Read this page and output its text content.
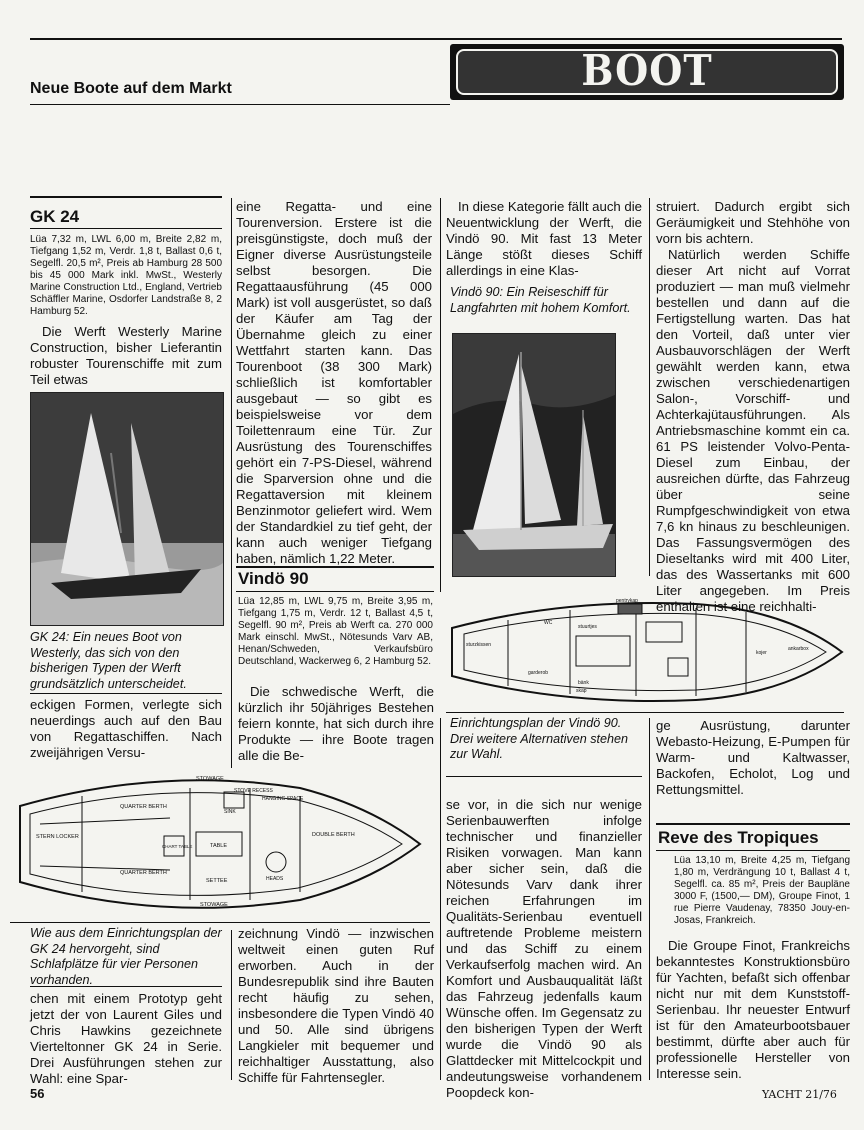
Neue Boote auf dem Markt	BOOT GESICHTET
GK 24
Lüa 7,32 m, LWL 6,00 m, Breite 2,82 m, Tiefgang 1,52 m, Verdr. 1,8 t, Ballast 0,6 t, Segelfl. 20,5 m², Preis ab Hamburg 28 500 bis 45 000 Mark inkl. MwSt., Westerly Marine Construction Ltd., England, Vertrieb Schäffler Marine, Osdorfer Landstraße 8, 2 Hamburg 52.
Die Werft Westerly Marine Construction, bisher Lieferantin robuster Tourenschiffe mit zum Teil etwas
GK 24: Ein neues Boot von Westerly, das sich von den bisherigen Typen der Werft grundsätzlich unterscheidet.
eckigen Formen, verlegte sich neuerdings auch auf den Bau von Regattaschiffen. Nach zweijährigen Versu-
STOWAGE
QUARTER BERTH
SINK
STOVE RECESS
HANGING SPACE
TABLE
DOUBLE BERTH
SETTEE
STOWAGE
STERN LOCKER
QUARTER BERTH
HEADS
CHART TABLE
Wie aus dem Einrichtungsplan der GK 24 hervorgeht, sind Schlafplätze für vier Personen vorhanden.
chen mit einem Prototyp geht jetzt der von Laurent Giles und Chris Hawkins gezeichnete Vierteltonner GK 24 in Serie. Drei Ausführungen stehen zur Wahl: eine Spar-
eine Regatta- und eine Tourenversion. Erstere ist die preisgünstigste, doch muß der Eigner diverse Ausrüstungsteile selbst besorgen. Die Regattaausführung (45 000 Mark) ist voll ausgerüstet, so daß der Käufer am Tag der Übernahme gleich zu einer Wettfahrt starten kann. Das Tourenboot (38 300 Mark) schließlich ist komfortabler ausgebaut — so gibt es beispielsweise vor dem Toilettenraum eine Tür. Zur Ausrüstung des Tourenschiffes gehört ein 7-PS-Diesel, während die Sparversion ohne und die Regattaversion mit kleinem Benzinmotor geliefert wird. Wem der Standardkiel zu tief geht, der kann auch weniger Tiefgang haben, nämlich 1,22 Meter.
Vindö 90
Lüa 12,85 m, LWL 9,75 m, Breite 3,95 m, Tiefgang 1,75 m, Verdr. 12 t, Ballast 4,5 t, Segelfl. 90 m², Preis ab Werft ca. 270 000 Mark einschl. MwSt., Nötesunds Varv AB, Henan/Schweden, Verkaufsbüro Deutschland, Wackerweg 6, 2 Hamburg 52.
Die schwedische Werft, die kürzlich ihr 50jähriges Bestehen feiern konnte, hat sich durch ihre Produkte — ihre Boote tragen alle die Be-
zeichnung Vindö — inzwischen weltweit einen guten Ruf erworben. Auch in der Bundesrepublik sind ihre Bauten recht häufig zu sehen, insbesondere die Typen Vindö 40 und 50. Alle sind übrigens Langkieler mit bequemer und reichhaltiger Ausstattung, also Schiffe für Fahrtensegler.
In diese Kategorie fällt auch die Neuentwicklung der Werft, die Vindö 90. Mit fast 13 Meter Länge stößt dieses Schiff allerdings in eine Klas-
Vindö 90: Ein Reiseschiff für Langfahrten mit hohem Komfort.
sturzkissen
pentrykap
WC
stuurtjes
skap
bänk
garderob
kojer
ankarbox
Einrichtungsplan der Vindö 90. Drei weitere Alternativen stehen zur Wahl.
se vor, in die sich nur wenige Serienbauwerften infolge technischer und finanzieller Risiken vorwagen. Man kann aber sicher sein, daß die Nötesunds Varv dank ihrer reichen Erfahrungen im Qualitäts-Serienbau eventuell auftretende Probleme meistern und das Schiff zu einem Verkaufserfolg machen wird. An Komfort und Ausbauqualität läßt das Fahrzeug jedenfalls kaum Wünsche offen. Im Gegensatz zu den bisherigen Typen der Werft wurde die Vindö 90 als Glattdecker mit Mittelcockpit und andeutungsweise vorhandenem Poopdeck kon-
struiert. Dadurch ergibt sich Geräumigkeit und Stehhöhe von vorn bis achtern.
Natürlich werden Schiffe dieser Art nicht auf Vorrat produziert — man muß vielmehr bestellen und dann auf die Fertigstellung warten. Das hat den Vorteil, daß unter vier Ausbauvorschlägen der Werft gewählt werden kann, etwa zwischen verschiedenartigen Salon-, Vorschiff- und Achterkajütausführungen. Als Antriebsmaschine kommt ein ca. 61 PS leistender Volvo-Penta-Diesel zum Einbau, der ausreichen dürfte, das Fahrzeug über seine Rumpfgeschwindigkeit von etwa 7,6 kn hinaus zu beschleunigen. Das Fassungsvermögen des Dieseltanks wird mit 400 Liter, das des Wassertanks mit 600 Liter angegeben. Im Preis enthalten ist eine reichhalti-
ge Ausrüstung, darunter Webasto-Heizung, E-Pumpen für Warm- und Kaltwasser, Backofen, Echolot, Log und Rettungsmittel.
Reve des Tropiques
Lüa 13,10 m, Breite 4,25 m, Tiefgang 1,80 m, Verdrängung 10 t, Ballast 4 t, Segelfl. ca. 85 m², Preis der Baupläne 3000 F, (1500,— DM), Groupe Finot, 1 rue Pierre Vaudenay, 78350 Jouy-en-Josas, Frankreich.
Die Groupe Finot, Frankreichs bekanntestes Konstruktionsbüro für Yachten, befaßt sich offenbar nicht nur mit dem Kunststoff-Serienbau. Ihr neuester Entwurf ist für den Amateurbootsbauer bestimmt, dürfte aber auch für professionelle Hersteller von Interesse sein.
56	YACHT 21/76
